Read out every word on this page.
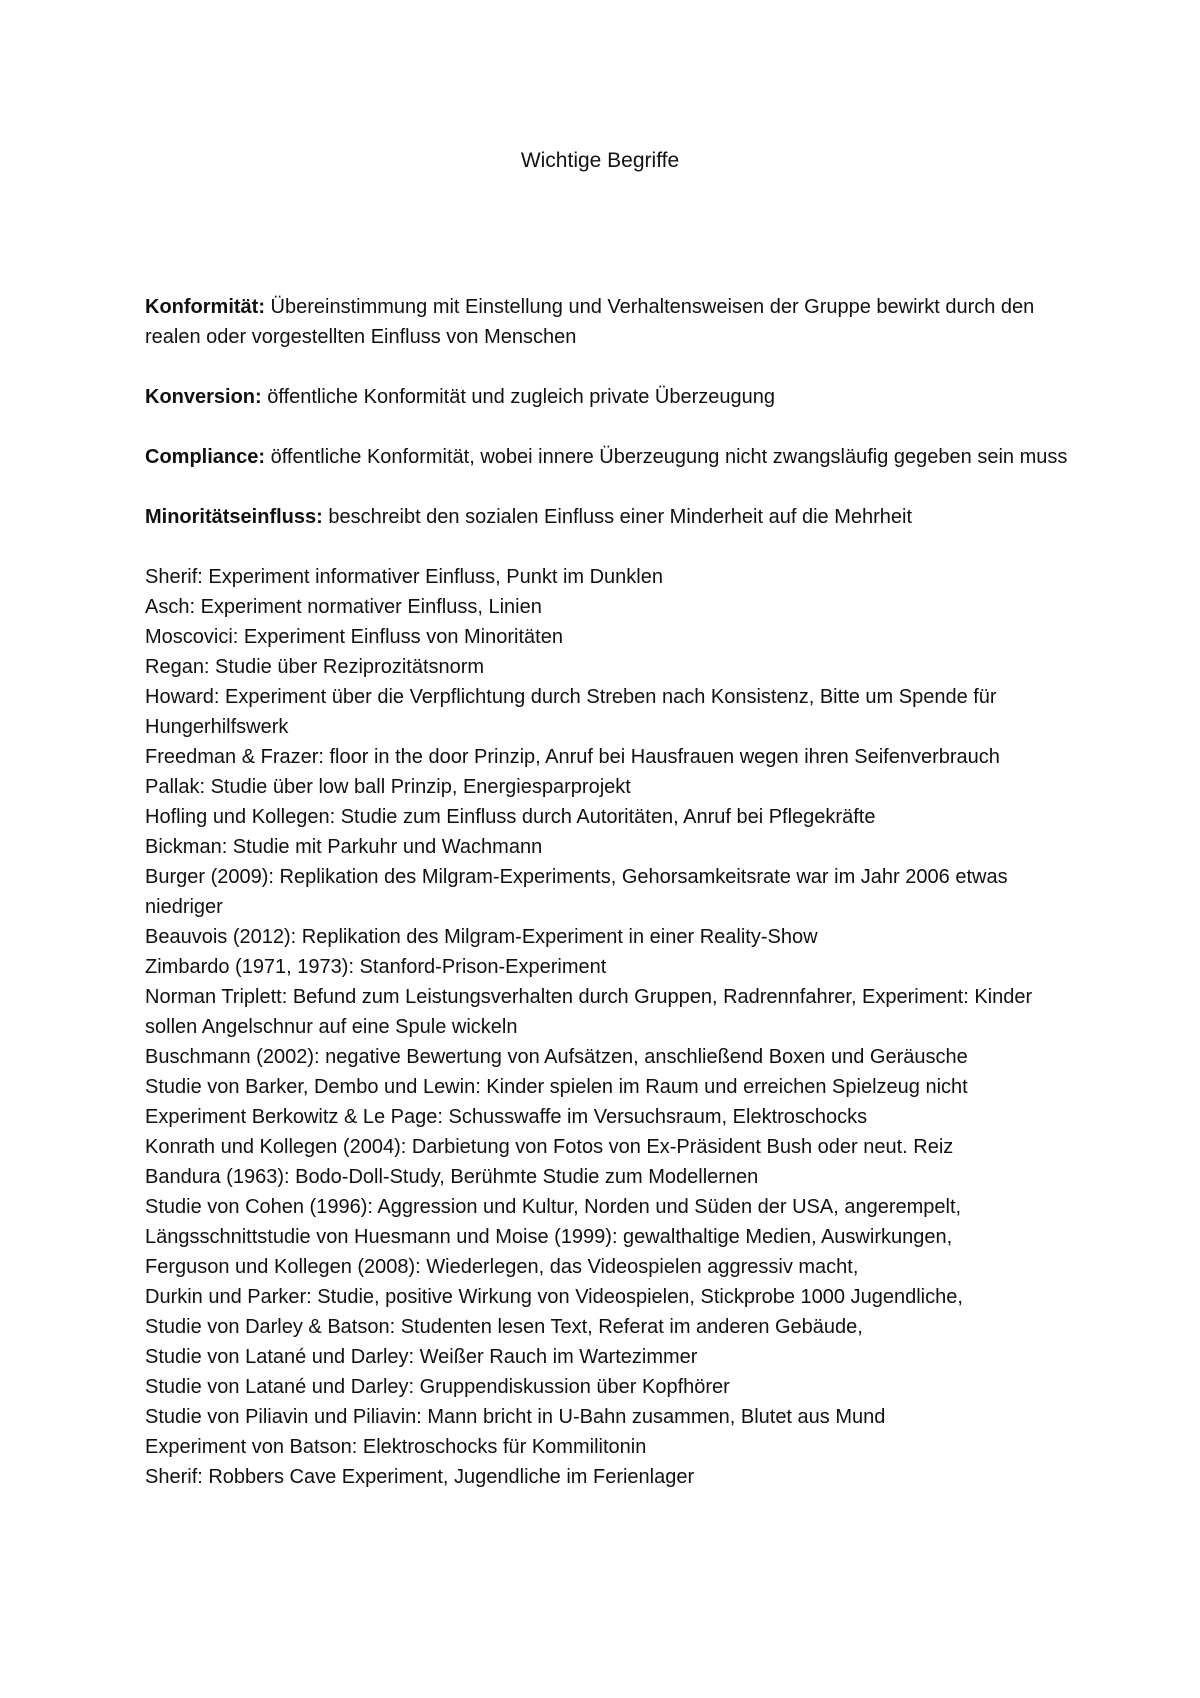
Wichtige Begriffe

Konformität: Übereinstimmung mit Einstellung und Verhaltensweisen der Gruppe bewirkt durch den realen oder vorgestellten Einfluss von Menschen

Konversion: öffentliche Konformität und zugleich private Überzeugung

Compliance: öffentliche Konformität, wobei innere Überzeugung nicht zwangsläufig gegeben sein muss

Minoritätseinfluss: beschreibt den sozialen Einfluss einer Minderheit auf die Mehrheit

Sherif: Experiment informativer Einfluss, Punkt im Dunklen
Asch: Experiment normativer Einfluss, Linien
Moscovici: Experiment Einfluss von Minoritäten
Regan: Studie über Reziprozitätsnorm
Howard: Experiment über die Verpflichtung durch Streben nach Konsistenz, Bitte um Spende für Hungerhilfswerk
Freedman & Frazer: floor in the door Prinzip, Anruf bei Hausfrauen wegen ihren Seifenverbrauch
Pallak: Studie über low ball Prinzip, Energiesparprojekt
Hofling und Kollegen: Studie zum Einfluss durch Autoritäten, Anruf bei Pflegekräfte
Bickman: Studie mit Parkuhr und Wachmann
Burger (2009): Replikation des Milgram-Experiments, Gehorsamkeitsrate war im Jahr 2006 etwas niedriger
Beauvois (2012): Replikation des Milgram-Experiment in einer Reality-Show
Zimbardo (1971, 1973): Stanford-Prison-Experiment
Norman Triplett: Befund zum Leistungsverhalten durch Gruppen, Radrennfahrer, Experiment: Kinder sollen Angelschnur auf eine Spule wickeln
Buschmann (2002): negative Bewertung von Aufsätzen, anschließend Boxen und Geräusche
Studie von Barker, Dembo und Lewin: Kinder spielen im Raum und erreichen Spielzeug nicht
Experiment Berkowitz & Le Page: Schusswaffe im Versuchsraum, Elektroschocks
Konrath und Kollegen (2004): Darbietung von Fotos von Ex-Präsident Bush oder neut. Reiz
Bandura (1963): Bodo-Doll-Study, Berühmte Studie zum Modellernen
Studie von Cohen (1996): Aggression und Kultur, Norden und Süden der USA, angerempelt,
Längsschnittstudie von Huesmann und Moise (1999): gewalthaltige Medien, Auswirkungen,
Ferguson und Kollegen (2008): Wiederlegen, das Videospielen aggressiv macht,
Durkin und Parker: Studie, positive Wirkung von Videospielen, Stickprobe 1000 Jugendliche,
Studie von Darley & Batson: Studenten lesen Text, Referat im anderen Gebäude,
Studie von Latané und Darley: Weißer Rauch im Wartezimmer
Studie von Latané und Darley: Gruppendiskussion über Kopfhörer
Studie von Piliavin und Piliavin: Mann bricht in U-Bahn zusammen, Blutet aus Mund
Experiment von Batson: Elektroschocks für Kommilitonin
Sherif: Robbers Cave Experiment, Jugendliche im Ferienlager
